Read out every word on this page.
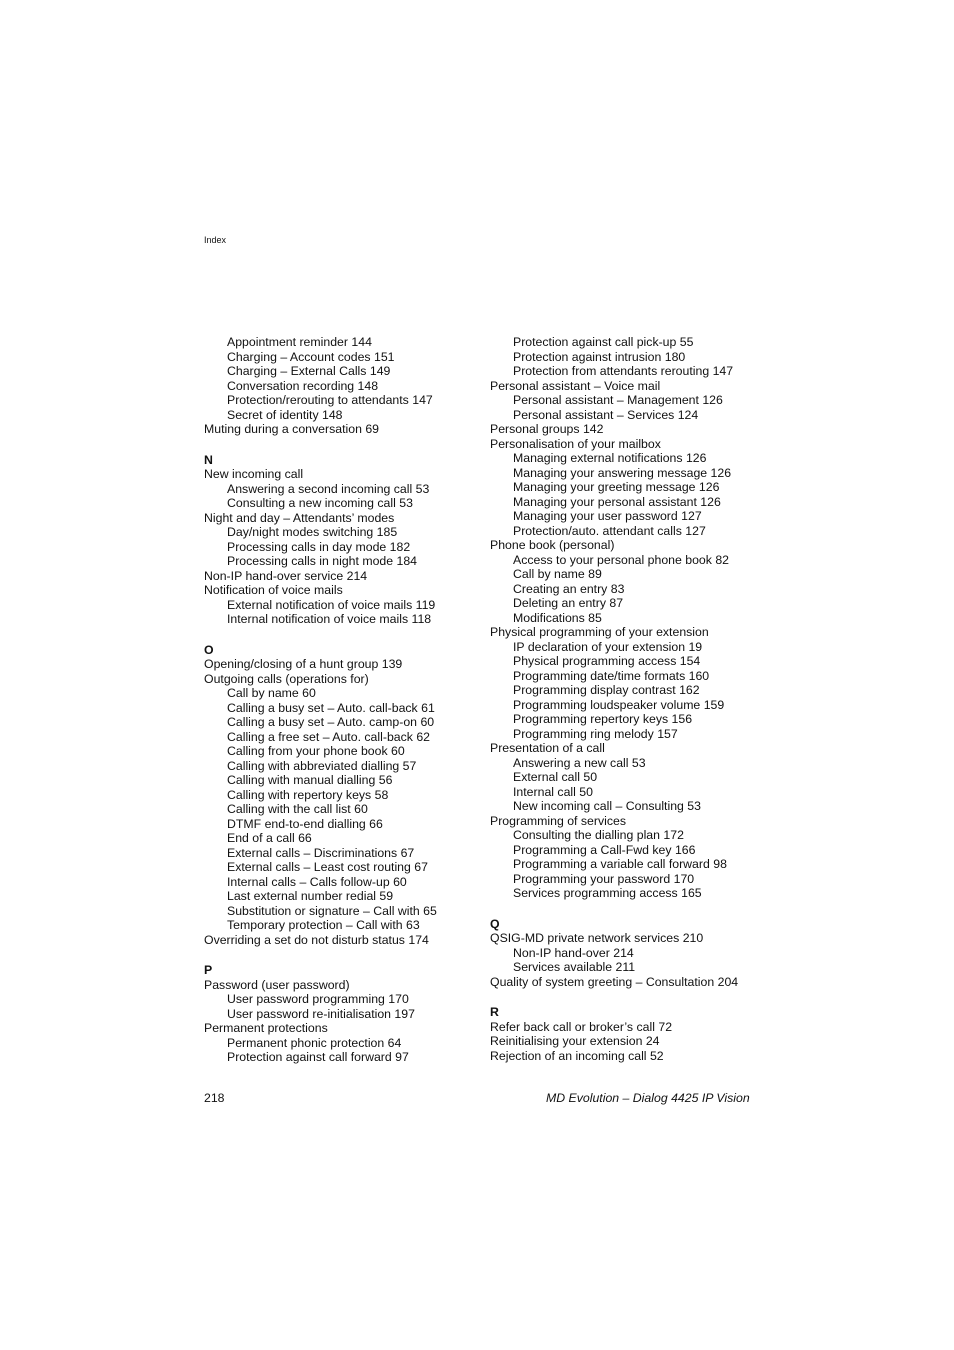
Index
Appointment reminder 144
Charging – Account codes 151
Charging – External Calls 149
Conversation recording 148
Protection/rerouting to attendants 147
Secret of identity 148
Muting during a conversation 69
N
New incoming call
Answering a second incoming call 53
Consulting a new incoming call 53
Night and day – Attendants’ modes
Day/night modes switching 185
Processing calls in day mode 182
Processing calls in night mode 184
Non-IP hand-over service 214
Notification of voice mails
External notification of voice mails 119
Internal notification of voice mails 118
O
Opening/closing of a hunt group 139
Outgoing calls (operations for)
Call by name 60
Calling a busy set – Auto. call-back 61
Calling a busy set – Auto. camp-on 60
Calling a free set – Auto. call-back 62
Calling from your phone book 60
Calling with abbreviated dialling 57
Calling with manual dialling 56
Calling with repertory keys 58
Calling with the call list 60
DTMF end-to-end dialling 66
End of a call 66
External calls – Discriminations 67
External calls – Least cost routing 67
Internal calls – Calls follow-up 60
Last external number redial 59
Substitution or signature – Call with 65
Temporary protection – Call with 63
Overriding a set do not disturb status 174
P
Password (user password)
User password programming 170
User password re-initialisation 197
Permanent protections
Permanent phonic protection 64
Protection against call forward 97
Protection against call pick-up 55
Protection against intrusion 180
Protection from attendants rerouting 147
Personal assistant – Voice mail
Personal assistant – Management 126
Personal assistant – Services 124
Personal groups 142
Personalisation of your mailbox
Managing external notifications 126
Managing your answering message 126
Managing your greeting message 126
Managing your personal assistant 126
Managing your user password 127
Protection/auto. attendant calls 127
Phone book (personal)
Access to your personal phone book 82
Call by name 89
Creating an entry 83
Deleting an entry 87
Modifications 85
Physical programming of your extension
IP declaration of your extension 19
Physical programming access 154
Programming date/time formats 160
Programming display contrast 162
Programming loudspeaker volume 159
Programming repertory keys 156
Programming ring melody 157
Presentation of a call
Answering a new call 53
External call 50
Internal call 50
New incoming call – Consulting 53
Programming of services
Consulting the dialling plan 172
Programming a Call-Fwd key 166
Programming a variable call forward 98
Programming your password 170
Services programming access 165
Q
QSIG-MD private network services 210
Non-IP hand-over 214
Services available 211
Quality of system greeting – Consultation 204
R
Refer back call or broker’s call 72
Reinitialising your extension 24
Rejection of an incoming call 52
218	MD Evolution – Dialog 4425 IP Vision
